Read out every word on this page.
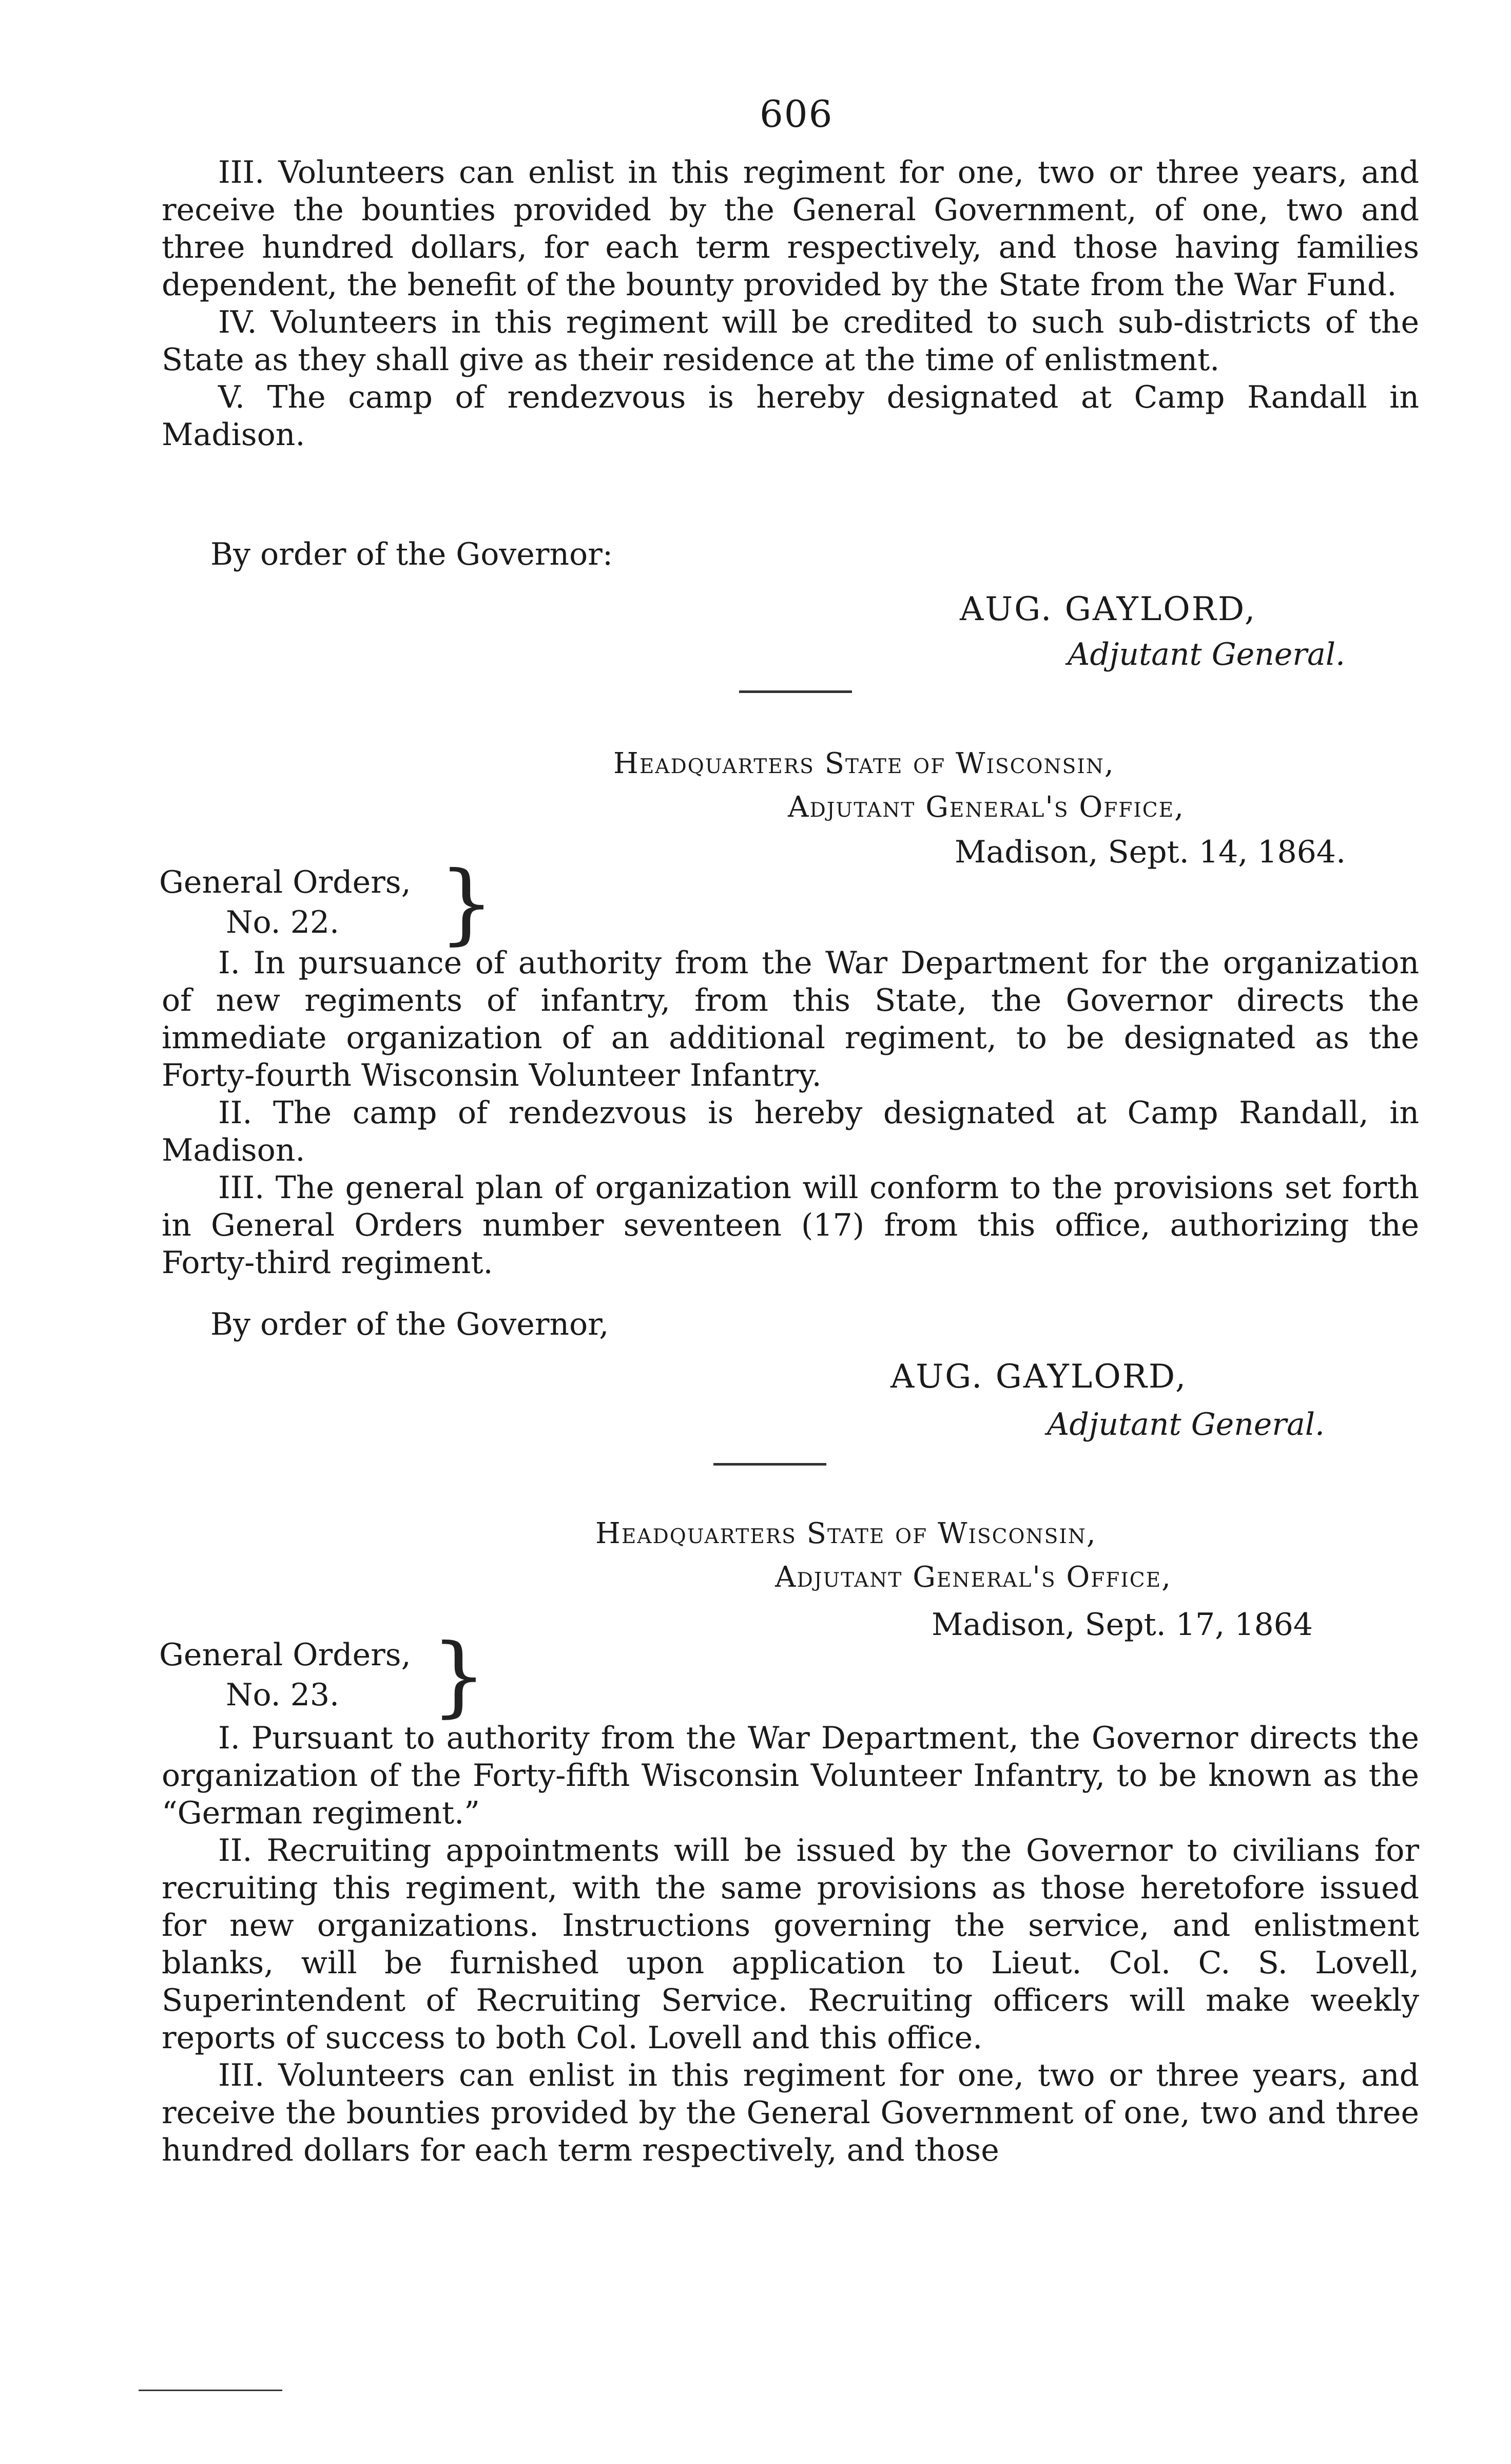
606

III. Volunteers can enlist in this regiment for one, two or three years, and receive the bounties provided by the General Government, of one, two and three hundred dollars, for each term respectively, and those having families dependent, the benefit of the bounty provided by the State from the War Fund.

IV. Volunteers in this regiment will be credited to such sub-districts of the State as they shall give as their residence at the time of enlistment.

V. The camp of rendezvous is hereby designated at Camp Randall in Madison.

By order of the Governor:
AUG. GAYLORD,
Adjutant General.
Headquarters State of Wisconsin,
Adjutant General's Office,
Madison, Sept. 14, 1864.
General Orders,
No. 22.	}

I. In pursuance of authority from the War Department for the organization of new regiments of infantry, from this State, the Governor directs the immediate organization of an additional regiment, to be designated as the Forty-fourth Wisconsin Volunteer Infantry.

II. The camp of rendezvous is hereby designated at Camp Randall, in Madison.

III. The general plan of organization will conform to the provisions set forth in General Orders number seventeen (17) from this office, authorizing the Forty-third regiment.

By order of the Governor,
AUG. GAYLORD,
Adjutant General.
Headquarters State of Wisconsin,
Adjutant General's Office,
Madison, Sept. 17, 1864
General Orders,
No. 23.	}

I. Pursuant to authority from the War Department, the Governor directs the organization of the Forty-fifth Wisconsin Volunteer Infantry, to be known as the “German regiment.”

II. Recruiting appointments will be issued by the Governor to civilians for recruiting this regiment, with the same provisions as those heretofore issued for new organizations. Instructions governing the service, and enlistment blanks, will be furnished upon application to Lieut. Col. C. S. Lovell, Superintendent of Recruiting Service. Recruiting officers will make weekly reports of success to both Col. Lovell and this office.

III. Volunteers can enlist in this regiment for one, two or three years, and receive the bounties provided by the General Government of one, two and three hundred dollars for each term respectively, and those
